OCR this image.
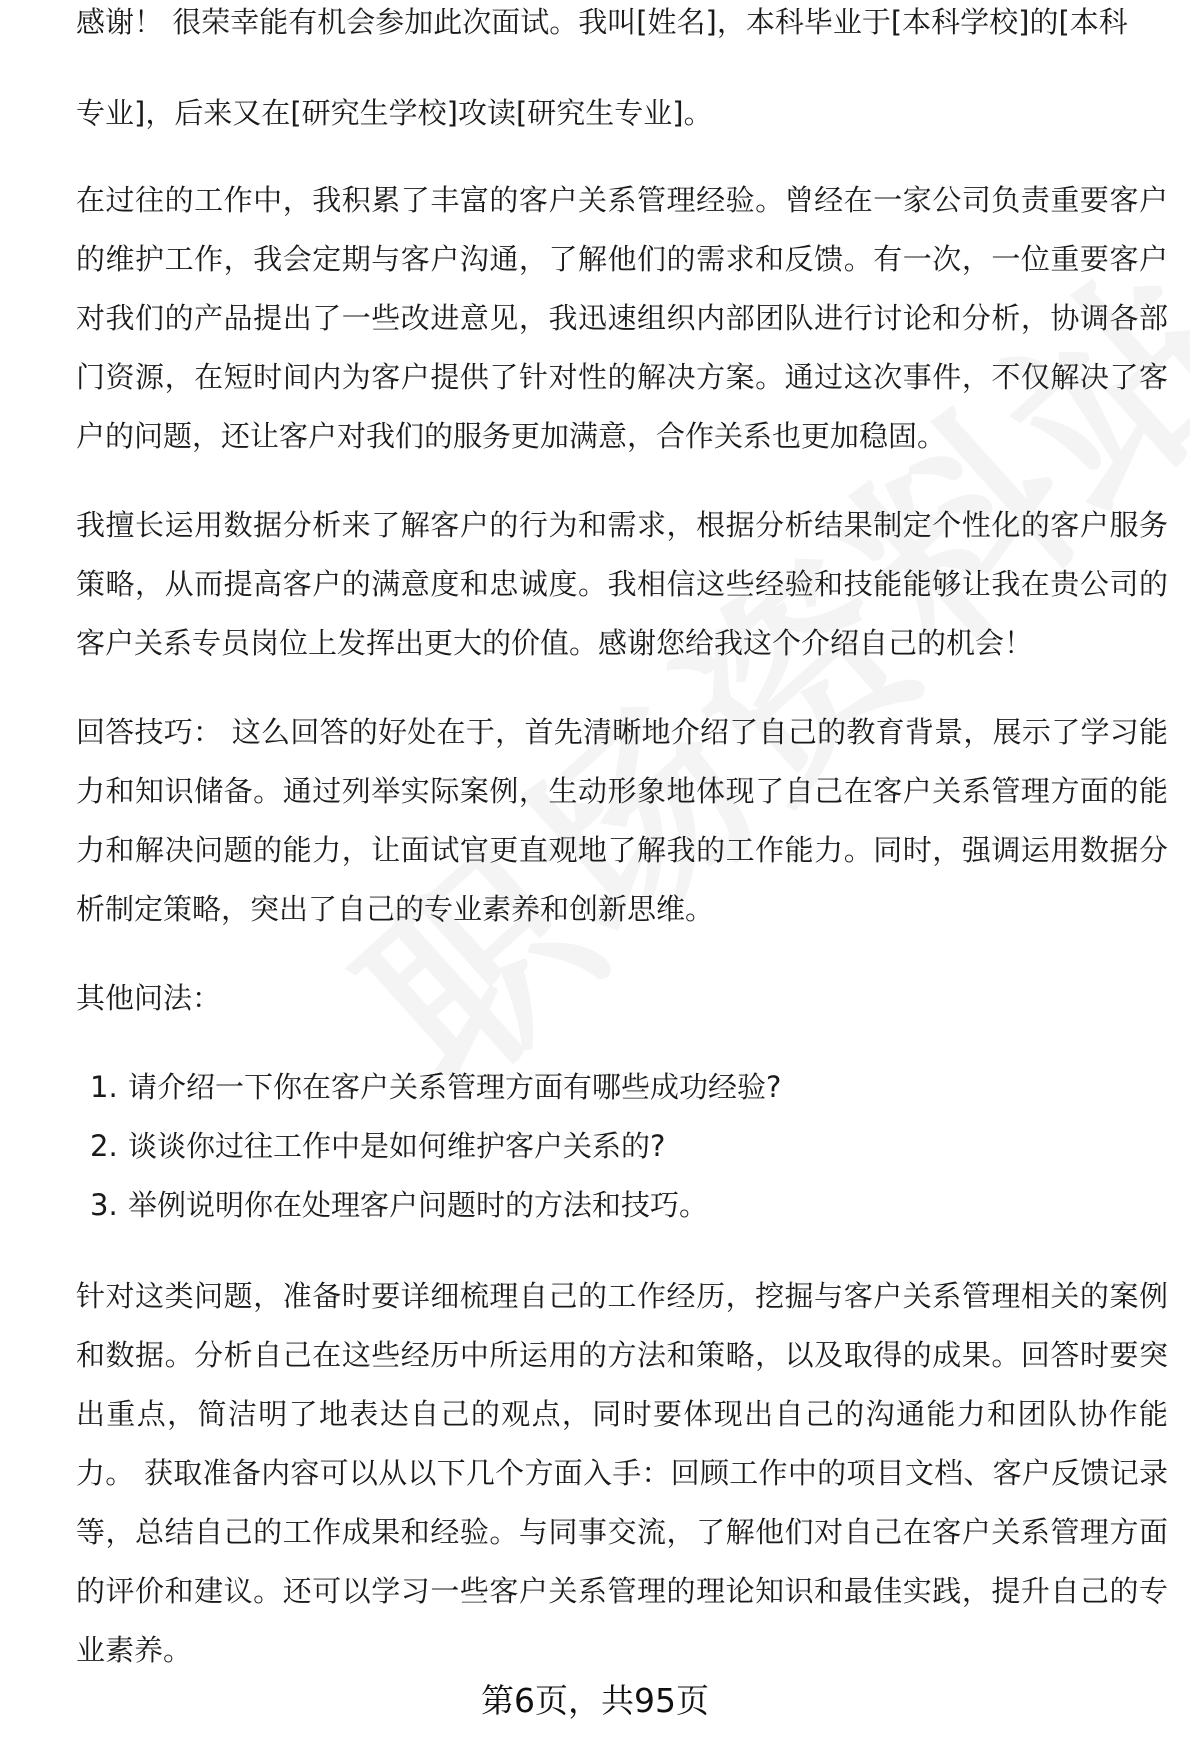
感谢！ 很荣幸能有机会参加此次面试。我叫[姓名]，本科毕业于[本科学校]的[本科

专业]，后来又在[研究生学校]攻读[研究生专业]。

在过往的工作中，我积累了丰富的客户关系管理经验。曾经在一家公司负责重要客户的维护工作，我会定期与客户沟通，了解他们的需求和反馈。有一次，一位重要客户对我们的产品提出了一些改进意见，我迅速组织内部团队进行讨论和分析，协调各部门资源，在短时间内为客户提供了针对性的解决方案。通过这次事件，不仅解决了客户的问题，还让客户对我们的服务更加满意，合作关系也更加稳固。

我擅长运用数据分析来了解客户的行为和需求，根据分析结果制定个性化的客户服务策略，从而提高客户的满意度和忠诚度。我相信这些经验和技能能够让我在贵公司的客户关系专员岗位上发挥出更大的价值。感谢您给我这个介绍自己的机会！

回答技巧： 这么回答的好处在于，首先清晰地介绍了自己的教育背景，展示了学习能力和知识储备。通过列举实际案例，生动形象地体现了自己在客户关系管理方面的能力和解决问题的能力，让面试官更直观地了解我的工作能力。同时，强调运用数据分析制定策略，突出了自己的专业素养和创新思维。

其他问法：

1. 请介绍一下你在客户关系管理方面有哪些成功经验?
2. 谈谈你过往工作中是如何维护客户关系的?
3. 举例说明你在处理客户问题时的方法和技巧。

针对这类问题，准备时要详细梳理自己的工作经历，挖掘与客户关系管理相关的案例和数据。分析自己在这些经历中所运用的方法和策略，以及取得的成果。回答时要突出重点，简洁明了地表达自己的观点，同时要体现出自己的沟通能力和团队协作能力。 获取准备内容可以从以下几个方面入手：回顾工作中的项目文档、客户反馈记录等，总结自己的工作成果和经验。与同事交流，了解他们对自己在客户关系管理方面的评价和建议。还可以学习一些客户关系管理的理论知识和最佳实践，提升自己的专业素养。

第6页，共95页
